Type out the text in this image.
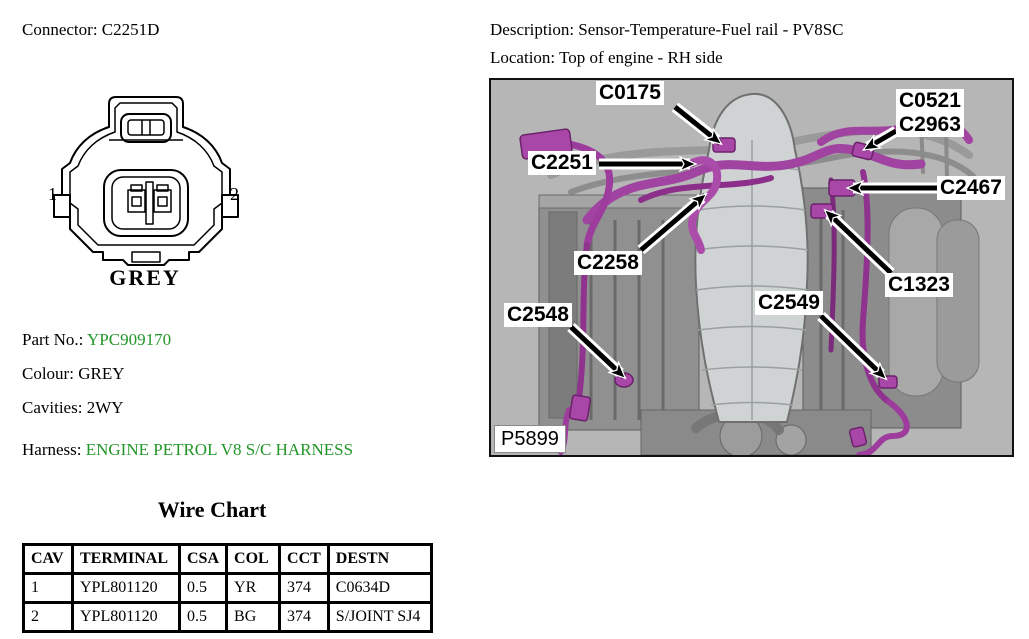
Connector: C2251D	Description: Sensor-Temperature-Fuel rail - PV8SC
Location: Top of engine - RH side
1	2
GREY
Part No.: YPC909170
Colour: GREY
Cavities: 2WY
Harness: ENGINE PETROL V8 S/C HARNESS
Wire Chart
CAV	TERMINAL	CSA	COL	CCT	DESTN
1	YPL801120	0.5	YR	374	C0634D
2	YPL801120	0.5	BG	374	S/JOINT SJ4
C0175	C0521
C2963
C2251
C2467
C2258
C1323
C2549
C2548
P5899
